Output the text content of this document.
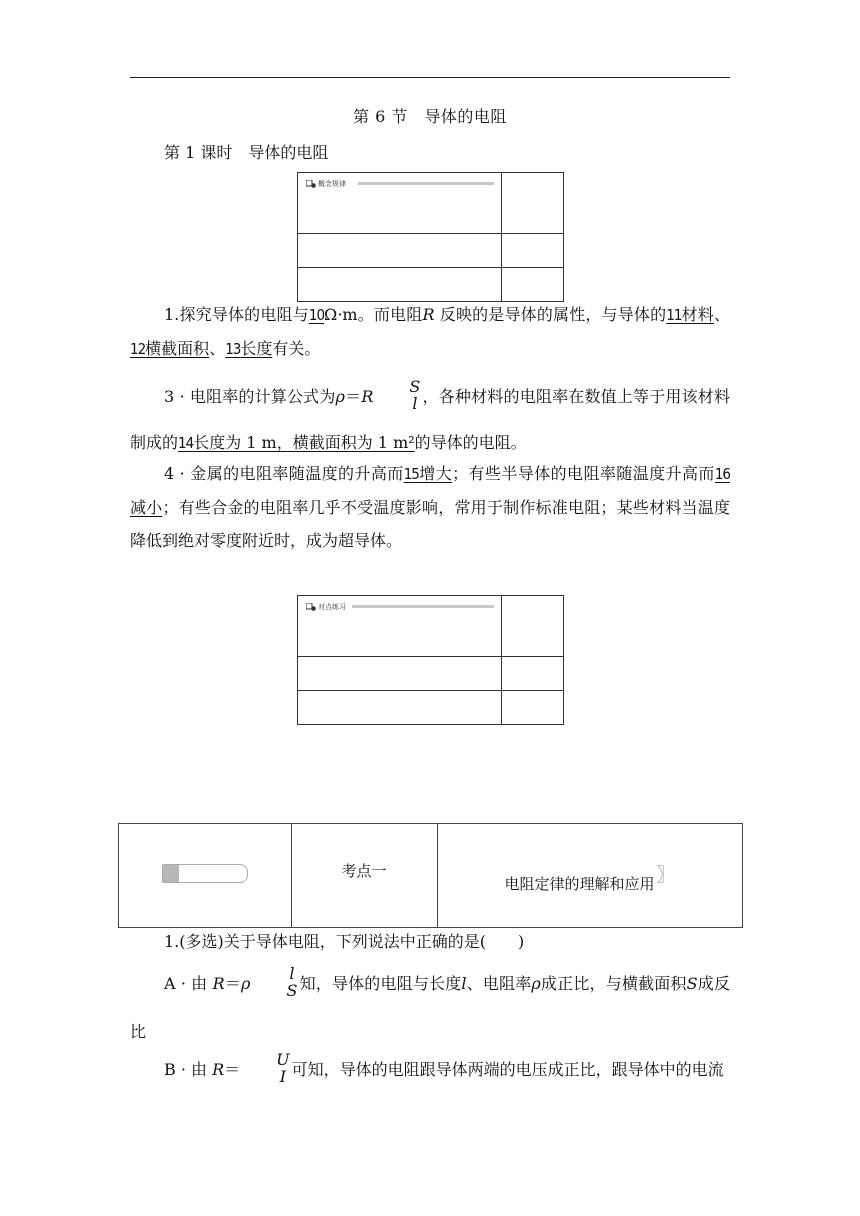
第 6 节　导体的电阻
第 1 课时　导体的电阻
概念规律
1.探究导体的电阻与10Ω·m。而电阻R 反映的是导体的属性，与导体的11材料、12横截面积、13长度有关。
3 · 电阻率的计算公式为ρ＝R
S
l ，各种材料的电阻率在数值上等于用该材料制成的14长度为 1 m，横截面积为 1 m²的导体的电阻。
4 · 金属的电阻率随温度的升高而15增大；有些半导体的电阻率随温度升高而16减小；有些合金的电阻率几乎不受温度影响，常用于制作标准电阻；某些材料当温度降低到绝对零度附近时，成为超导体。
对点练习
考点一
电阻定律的理解和应用 〗
1.(多选)关于导体电阻，下列说法中正确的是(　　)
A · 由 R＝ρ
l
S 知，导体的电阻与长度l、电阻率ρ成正比，与横截面积S成反比
B · 由 R＝
U
I 可知，导体的电阻跟导体两端的电压成正比，跟导体中的电流
